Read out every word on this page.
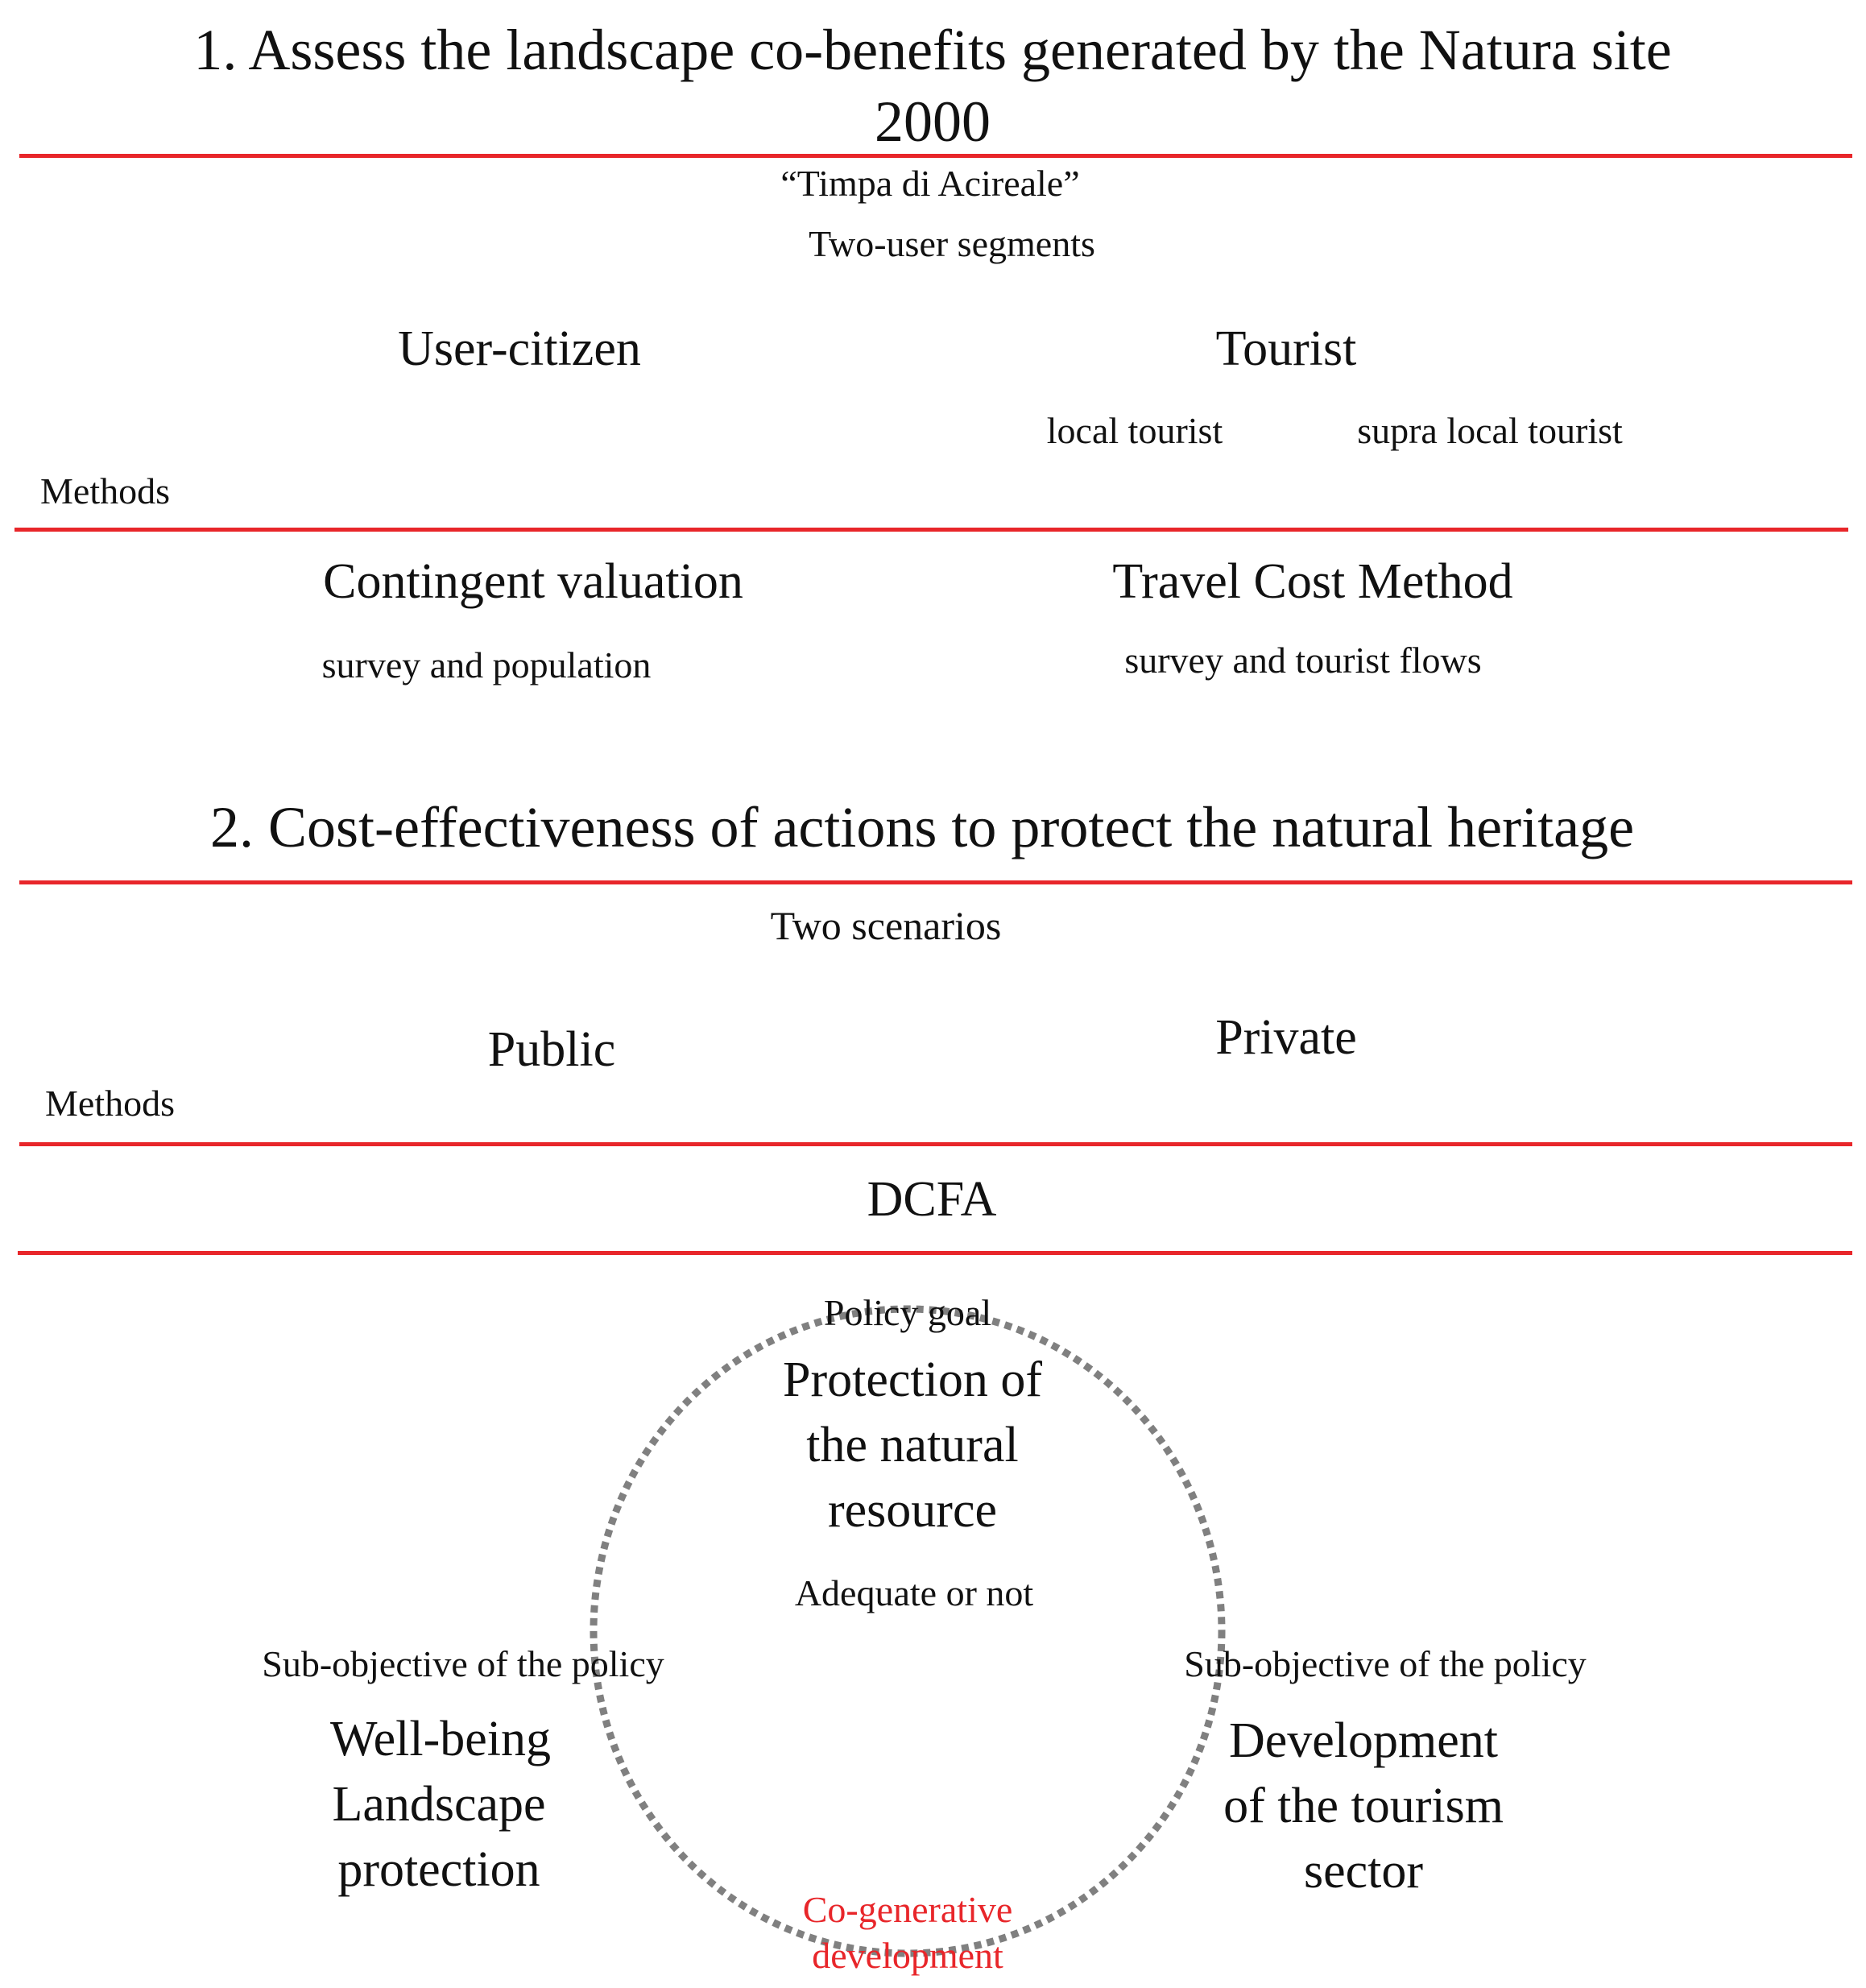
1. Assess the landscape co-benefits generated by the Natura site
2000
“Timpa di Acireale”
Two-user segments
User-citizen	Tourist
local tourist	supra local tourist
Methods
Contingent valuation	Travel Cost Method
survey and population	survey and tourist flows
2. Cost-effectiveness of actions to protect the natural heritage
Two scenarios
Public	Private
Methods
DCFA
Policy goal
Protection of
the natural
resource
Adequate or not
Sub-objective of the policy
Well-being
Landscape
protection
Sub-objective of the policy
Development
of the tourism
sector
Co-generative
development
